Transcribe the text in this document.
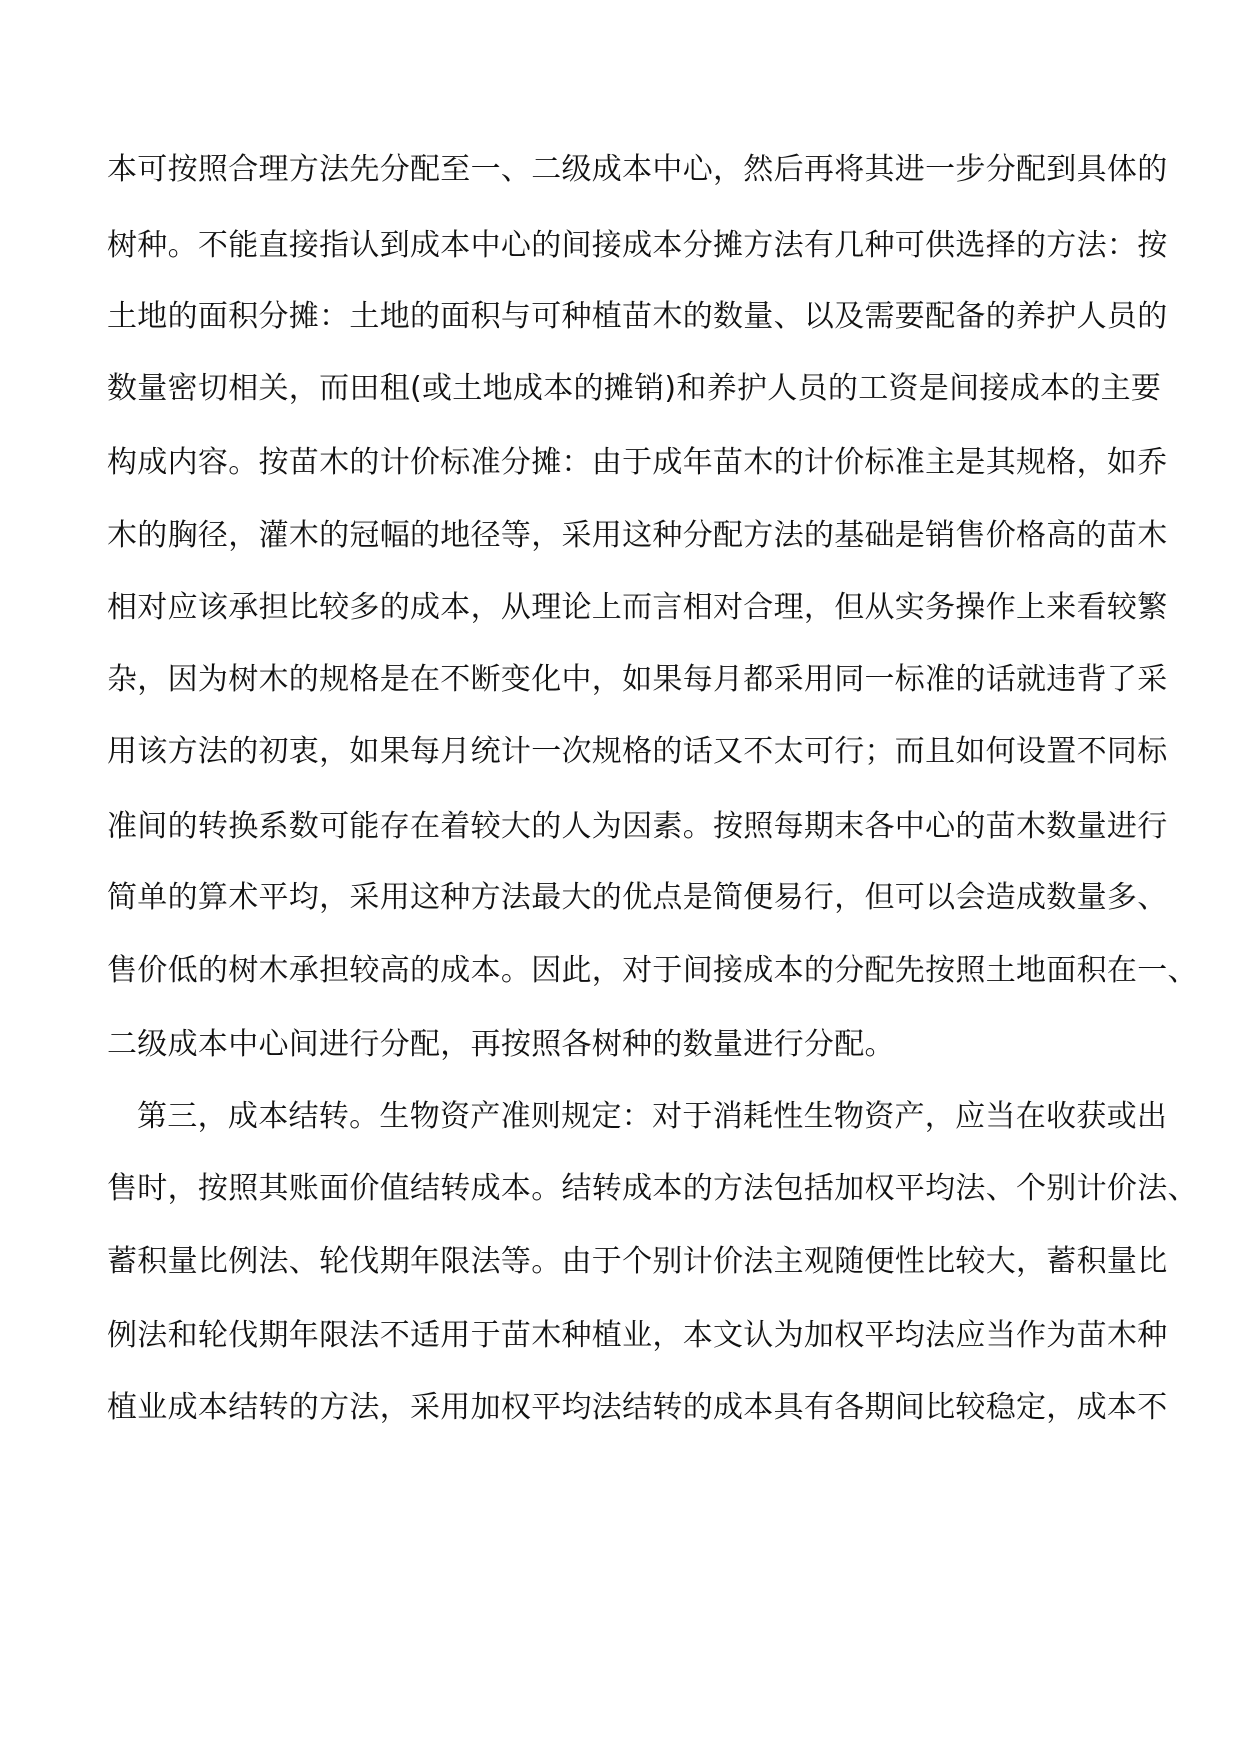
本可按照合理方法先分配至一、二级成本中心，然后再将其进一步分配到具体的
树种。不能直接指认到成本中心的间接成本分摊方法有几种可供选择的方法：按
土地的面积分摊：土地的面积与可种植苗木的数量、以及需要配备的养护人员的
数量密切相关，而田租(或土地成本的摊销)和养护人员的工资是间接成本的主要
构成内容。按苗木的计价标准分摊：由于成年苗木的计价标准主是其规格，如乔
木的胸径，灌木的冠幅的地径等，采用这种分配方法的基础是销售价格高的苗木
相对应该承担比较多的成本，从理论上而言相对合理，但从实务操作上来看较繁
杂，因为树木的规格是在不断变化中，如果每月都采用同一标准的话就违背了采
用该方法的初衷，如果每月统计一次规格的话又不太可行；而且如何设置不同标
准间的转换系数可能存在着较大的人为因素。按照每期末各中心的苗木数量进行
简单的算术平均，采用这种方法最大的优点是简便易行，但可以会造成数量多、
售价低的树木承担较高的成本。因此，对于间接成本的分配先按照土地面积在一、
二级成本中心间进行分配，再按照各树种的数量进行分配。
第三，成本结转。生物资产准则规定：对于消耗性生物资产，应当在收获或出
售时，按照其账面价值结转成本。结转成本的方法包括加权平均法、个别计价法、
蓄积量比例法、轮伐期年限法等。由于个别计价法主观随便性比较大，蓄积量比
例法和轮伐期年限法不适用于苗木种植业，本文认为加权平均法应当作为苗木种
植业成本结转的方法，采用加权平均法结转的成本具有各期间比较稳定，成本不
